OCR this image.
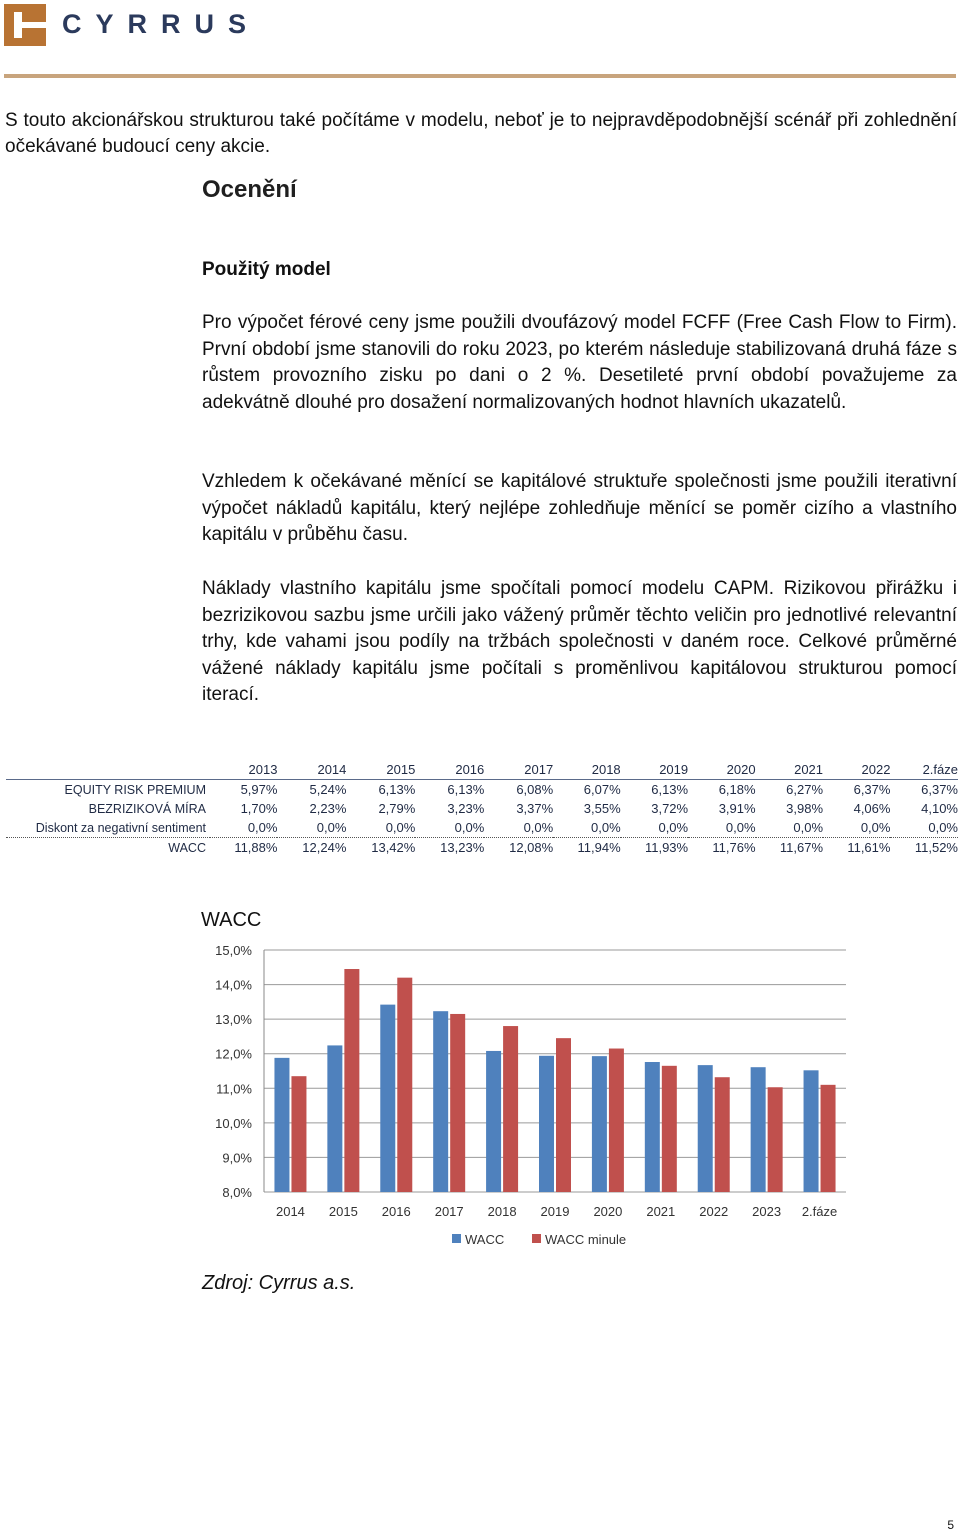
CYRRUS
S touto akcionářskou strukturou také počítáme v modelu, neboť je to nejpravděpodobnější scénář při zohlednění očekávané budoucí ceny akcie.
Ocenění
Použitý model
Pro výpočet férové ceny jsme použili dvoufázový model FCFF (Free Cash Flow to Firm). První období jsme stanovili do roku 2023, po kterém následuje stabilizovaná druhá fáze s růstem provozního zisku po dani o 2 %. Desetileté první období považujeme za adekvátně dlouhé pro dosažení normalizovaných hodnot hlavních ukazatelů.
Vzhledem k očekávané měnící se kapitálové struktuře společnosti jsme použili iterativní výpočet nákladů kapitálu, který nejlépe zohledňuje měnící se poměr cizího a vlastního kapitálu v průběhu času.
Náklady vlastního kapitálu jsme spočítali pomocí modelu CAPM. Rizikovou přirážku i bezrizikovou sazbu jsme určili jako vážený průměr těchto veličin pro jednotlivé relevantní trhy, kde vahami jsou podíly na tržbách společnosti v daném roce. Celkové průměrné vážené náklady kapitálu jsme počítali s proměnlivou kapitálovou strukturou pomocí iterací.
	2013	2014	2015	2016	2017	2018	2019	2020	2021	2022	2.fáze
EQUITY RISK PREMIUM	5,97%	5,24%	6,13%	6,13%	6,08%	6,07%	6,13%	6,18%	6,27%	6,37%	6,37%
BEZRIZIKOVÁ MÍRA	1,70%	2,23%	2,79%	3,23%	3,37%	3,55%	3,72%	3,91%	3,98%	4,06%	4,10%
Diskont za negativní sentiment	0,0%	0,0%	0,0%	0,0%	0,0%	0,0%	0,0%	0,0%	0,0%	0,0%	0,0%
WACC	11,88%	12,24%	13,42%	13,23%	12,08%	11,94%	11,93%	11,76%	11,67%	11,61%	11,52%
WACC
8,0%
9,0%
10,0%
11,0%
12,0%
13,0%
14,0%
15,0%
2014 2015 2016 2017 2018 2019 2020 2021 2022 2023 2.fáze
WACC	WACC minule
Zdroj: Cyrrus a.s.
5
